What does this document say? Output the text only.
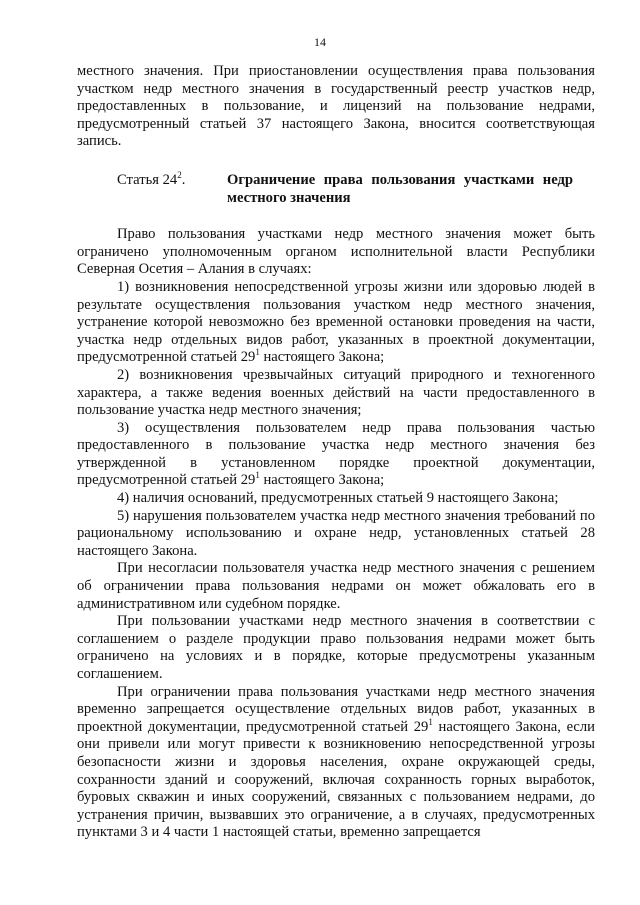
14

местного значения. При приостановлении осуществления права пользования участком недр местного значения в государственный реестр участков недр, предоставленных в пользование, и лицензий на пользование недрами, предусмотренный статьей 37 настоящего Закона, вносится соответствующая запись.

Статья $24^2$.	Ограничение права пользования участками недр местного значения

Право пользования участками недр местного значения может быть ограничено уполномоченным органом исполнительной власти Республики Северная Осетия – Алания в случаях:

1) возникновения непосредственной угрозы жизни или здоровью людей в результате осуществления пользования участком недр местного значения, устранение которой невозможно без временной остановки проведения на части, участка недр отдельных видов работ, указанных в проектной документации, предусмотренной статьей $29^1$ настоящего Закона;

2) возникновения чрезвычайных ситуаций природного и техногенного характера, а также ведения военных действий на части предоставленного в пользование участка недр местного значения;

3) осуществления пользователем недр права пользования частью предоставленного в пользование участка недр местного значения без утвержденной в установленном порядке проектной документации, предусмотренной статьей $29^1$ настоящего Закона;

4) наличия оснований, предусмотренных статьей 9 настоящего Закона;

5) нарушения пользователем участка недр местного значения требований по рациональному использованию и охране недр, установленных статьей 28 настоящего Закона.

При несогласии пользователя участка недр местного значения с решением об ограничении права пользования недрами он может обжаловать его в административном или судебном порядке.

При пользовании участками недр местного значения в соответствии с соглашением о разделе продукции право пользования недрами может быть ограничено на условиях и в порядке, которые предусмотрены указанным соглашением.

При ограничении права пользования участками недр местного значения временно запрещается осуществление отдельных видов работ, указанных в проектной документации, предусмотренной статьей $29^1$ настоящего Закона, если они привели или могут привести к возникновению непосредственной угрозы безопасности жизни и здоровья населения, охране окружающей среды, сохранности зданий и сооружений, включая сохранность горных выработок, буровых скважин и иных сооружений, связанных с пользованием недрами, до устранения причин, вызвавших это ограничение, а в случаях, предусмотренных пунктами 3 и 4 части 1 настоящей статьи, временно запрещается
